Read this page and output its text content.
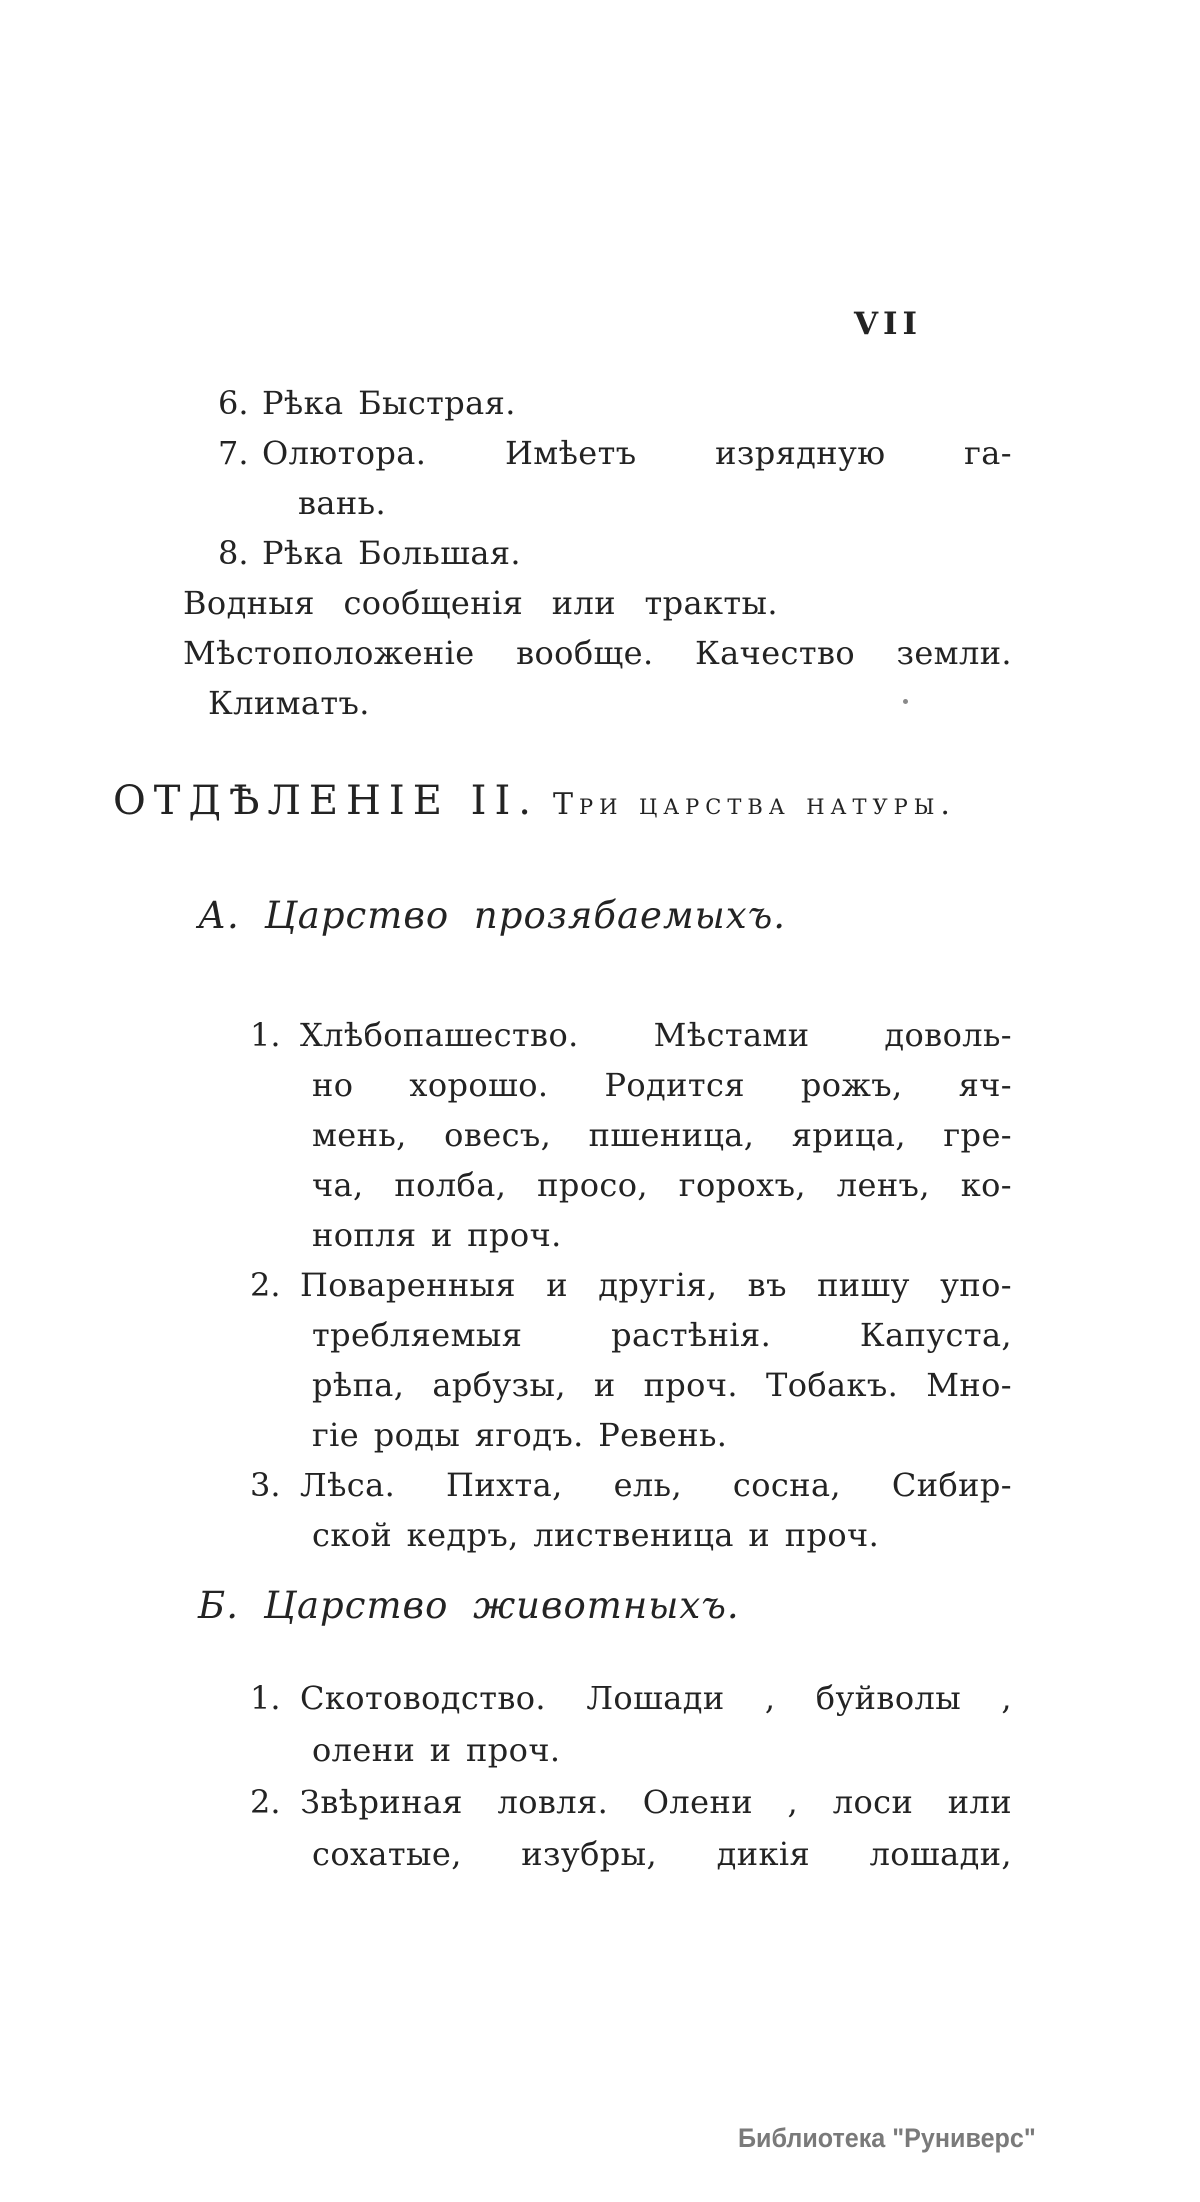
VII
6. Рѣка Быстрая.
7. Олютора. Имѣетъ изрядную га-
вань.
8. Рѣка Большая.
Водныя сообщенія или тракты.
Мѣстоположеніе вообще. Качество земли.
Климатъ.
ОТДѢЛЕНІЕ II. Три царства натуры.
А. Царство прозябаемыхъ.
1. Хлѣбопашество. Мѣстами доволь-
но хорошо. Родится рожъ, яч-
мень, овесъ, пшеница, ярица, гре-
ча, полба, просо, горохъ, ленъ, ко-
нопля и проч.
2. Поваренныя и другія, въ пишу упо-
требляемыя растѣнія. Капуста,
рѣпа, арбузы, и проч. Тобакъ. Мно-
гіе роды ягодъ. Ревень.
3. Лѣса. Пихта, ель, сосна, Сибир-
ской кедръ, лиственица и проч.
Б. Царство животныхъ.
1. Скотоводство. Лошади , буйволы ,
олени и проч.
2. Звѣриная ловля. Олени , лоси или
сохатые, изубры, дикія лошади,
Библиотека "Руниверс"
